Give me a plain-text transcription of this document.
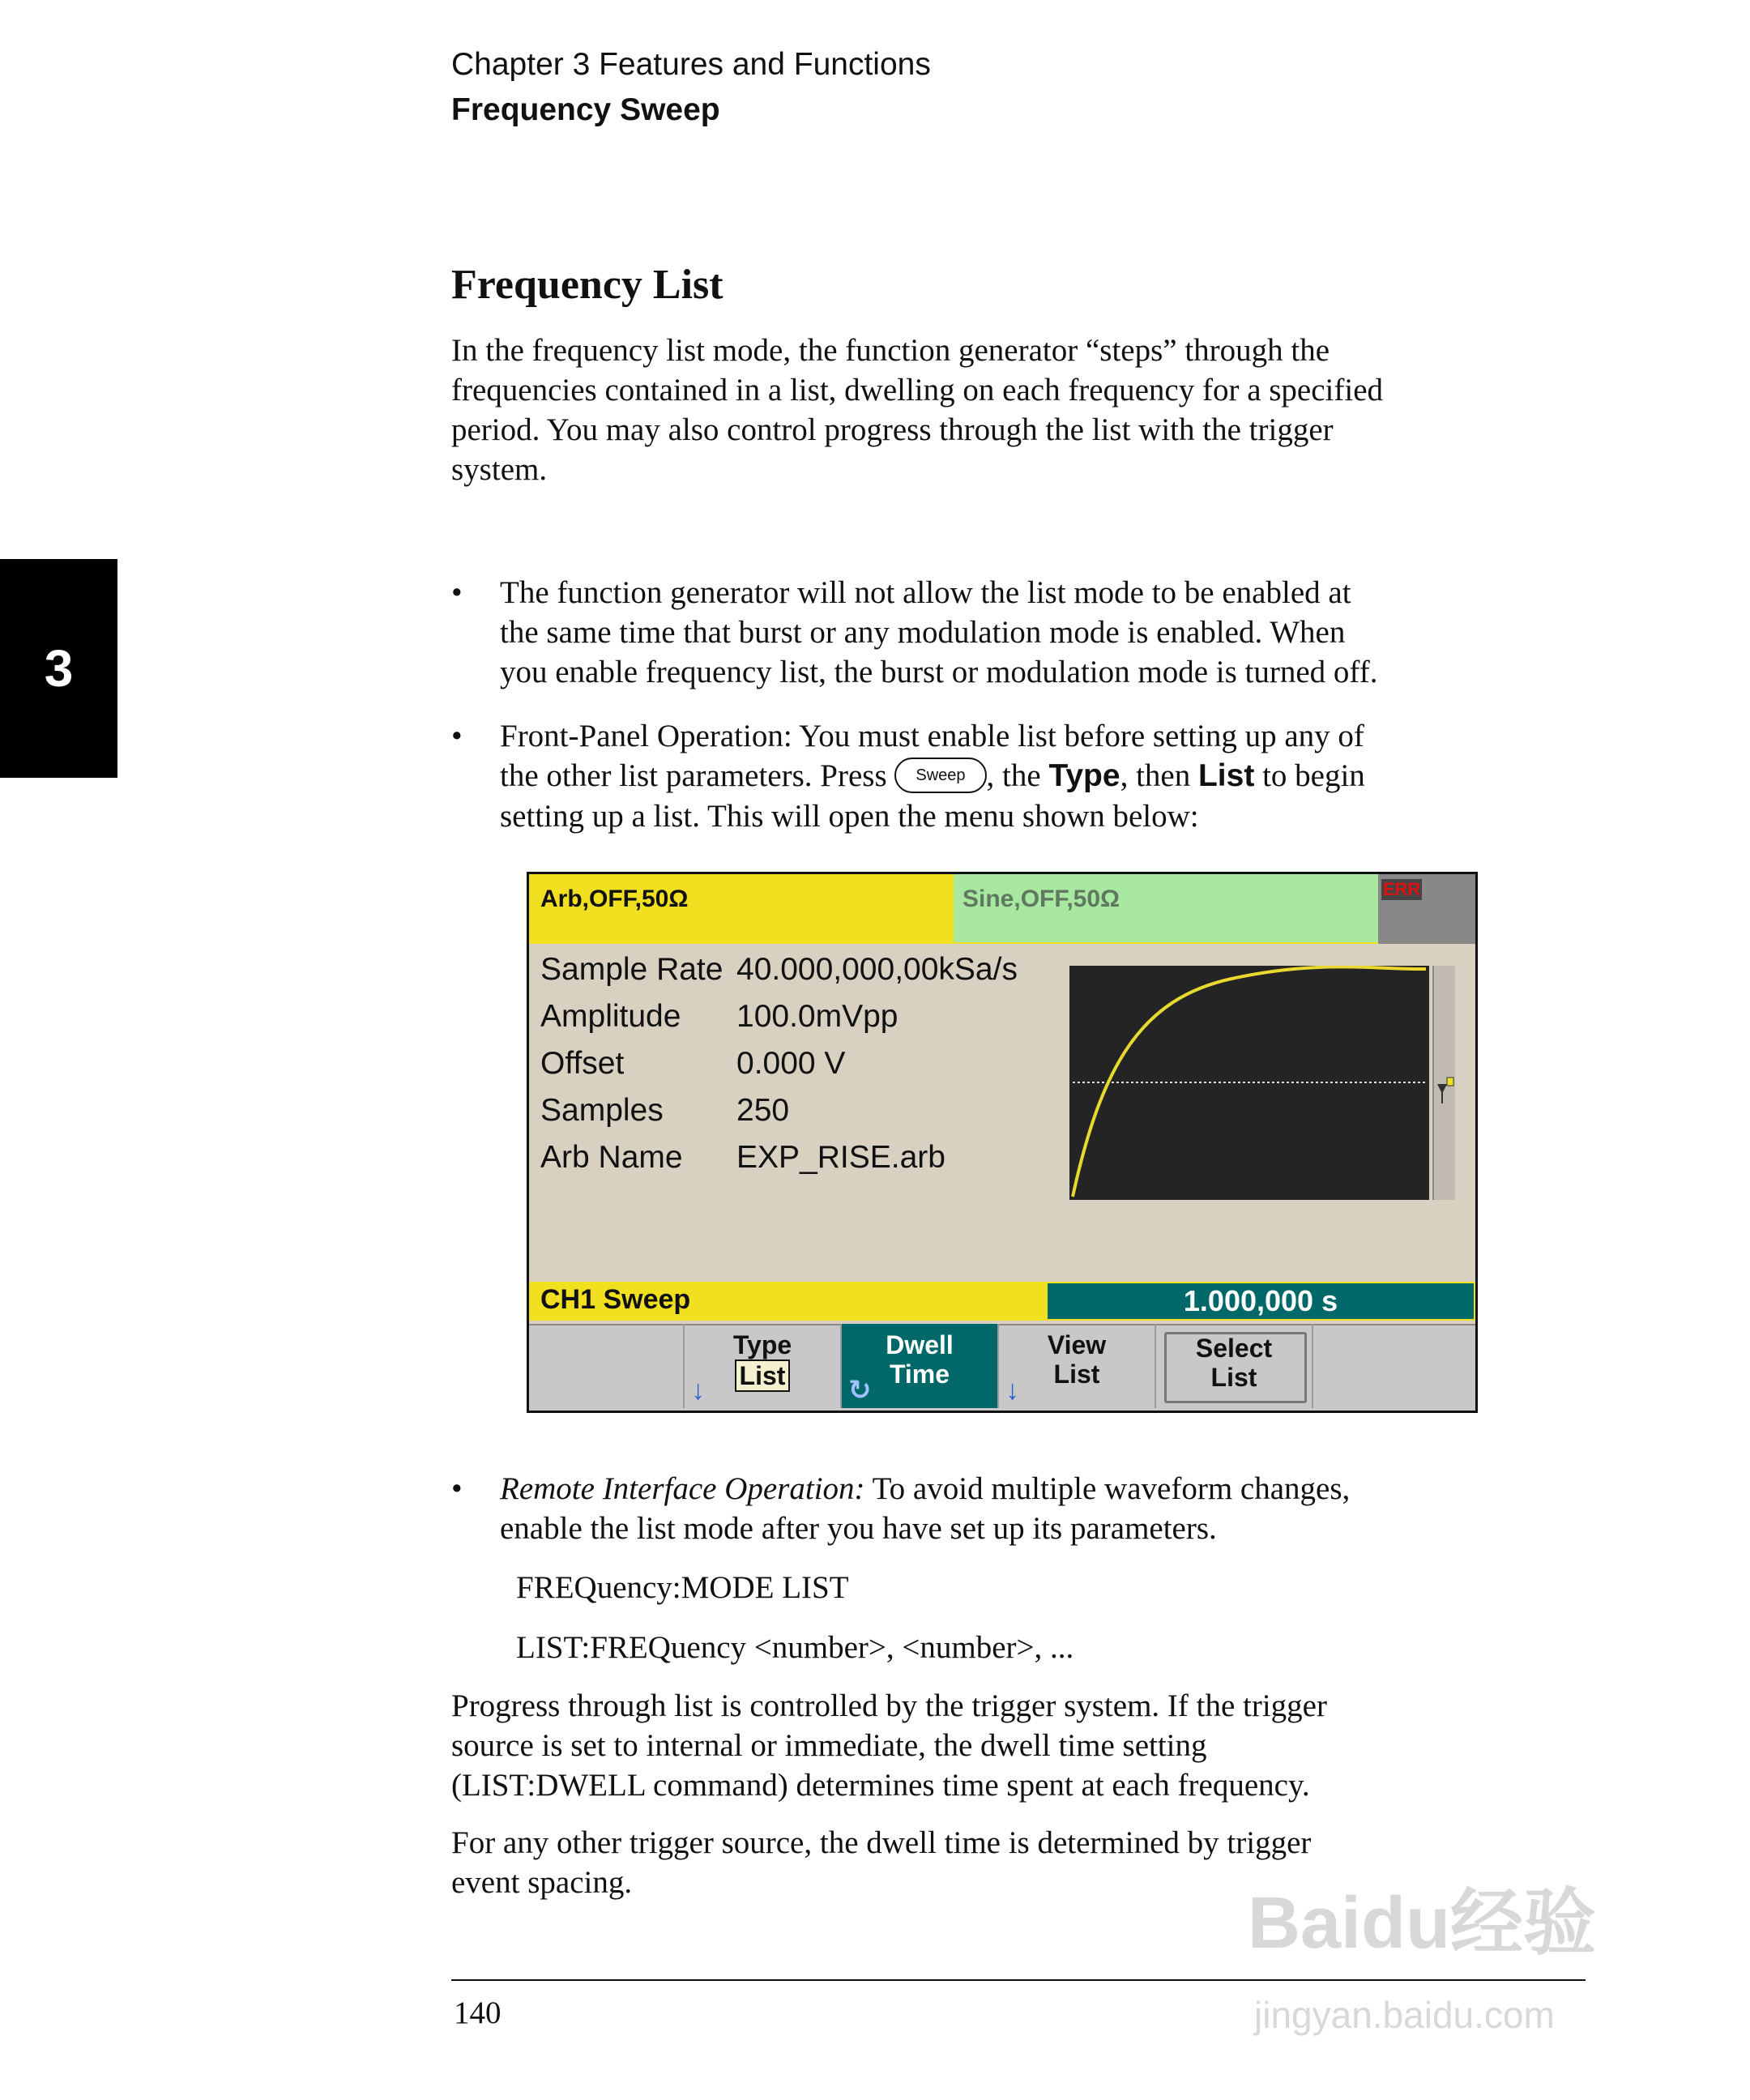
Chapter 3 Features and Functions
Frequency Sweep
3
Frequency List

In the frequency list mode, the function generator “steps” through the

frequencies contained in a list, dwelling on each frequency for a specified

period. You may also control progress through the list with the trigger

system.

•	The function generator will not allow the list mode to be enabled at
the same time that burst or any modulation mode is enabled. When
you enable frequency list, the burst or modulation mode is turned off.
•	Front-Panel Operation: You must enable list before setting up any of
the other list parameters. Press Sweep , the Type, then List to begin
setting up a list. This will open the menu shown below:
Arb,OFF,50Ω	Sine,OFF,50Ω	ERR
Sample Rate 40.000,000,00kSa/s
Amplitude 100.0mVpp
Offset	0.000 V
Samples 250
Arb Name EXP_RISE.arb
CH1 Sweep	1.000,000 s
Type
List
↓
Dwell
Time
↻
View
List
↓
Select
List
•	Remote Interface Operation: To avoid multiple waveform changes,
enable the list mode after you have set up its parameters.
FREQuency:MODE LIST
LIST:FREQuency <number>, <number>, ...

Progress through list is controlled by the trigger system. If the trigger

source is set to internal or immediate, the dwell time setting

(LIST:DWELL command) determines time spent at each frequency.

For any other trigger source, the dwell time is determined by trigger

event spacing.

140
Baidu经验
jingyan.baidu.com
